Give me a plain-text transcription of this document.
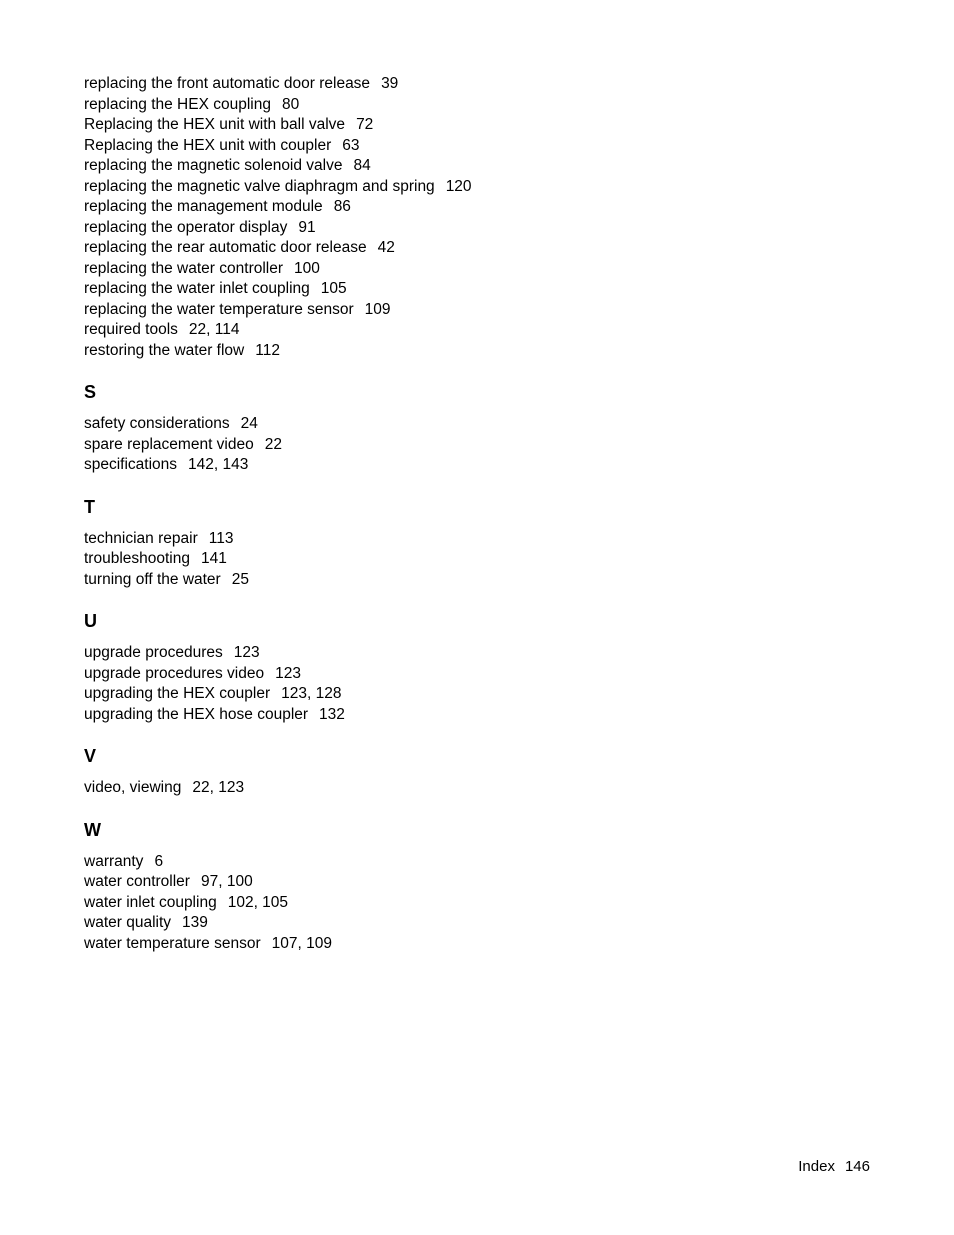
replacing the front automatic door release 39

replacing the HEX coupling 80

Replacing the HEX unit with ball valve 72

Replacing the HEX unit with coupler 63

replacing the magnetic solenoid valve 84

replacing the magnetic valve diaphragm and spring 120

replacing the management module 86

replacing the operator display 91

replacing the rear automatic door release 42

replacing the water controller 100

replacing the water inlet coupling 105

replacing the water temperature sensor 109

required tools 22, 114

restoring the water flow 112

S

safety considerations 24

spare replacement video 22

specifications 142, 143

T

technician repair 113

troubleshooting 141

turning off the water 25

U

upgrade procedures 123

upgrade procedures video 123

upgrading the HEX coupler 123, 128

upgrading the HEX hose coupler 132

V

video, viewing 22, 123

W

warranty 6

water controller 97, 100

water inlet coupling 102, 105

water quality 139

water temperature sensor 107, 109

Index 146
